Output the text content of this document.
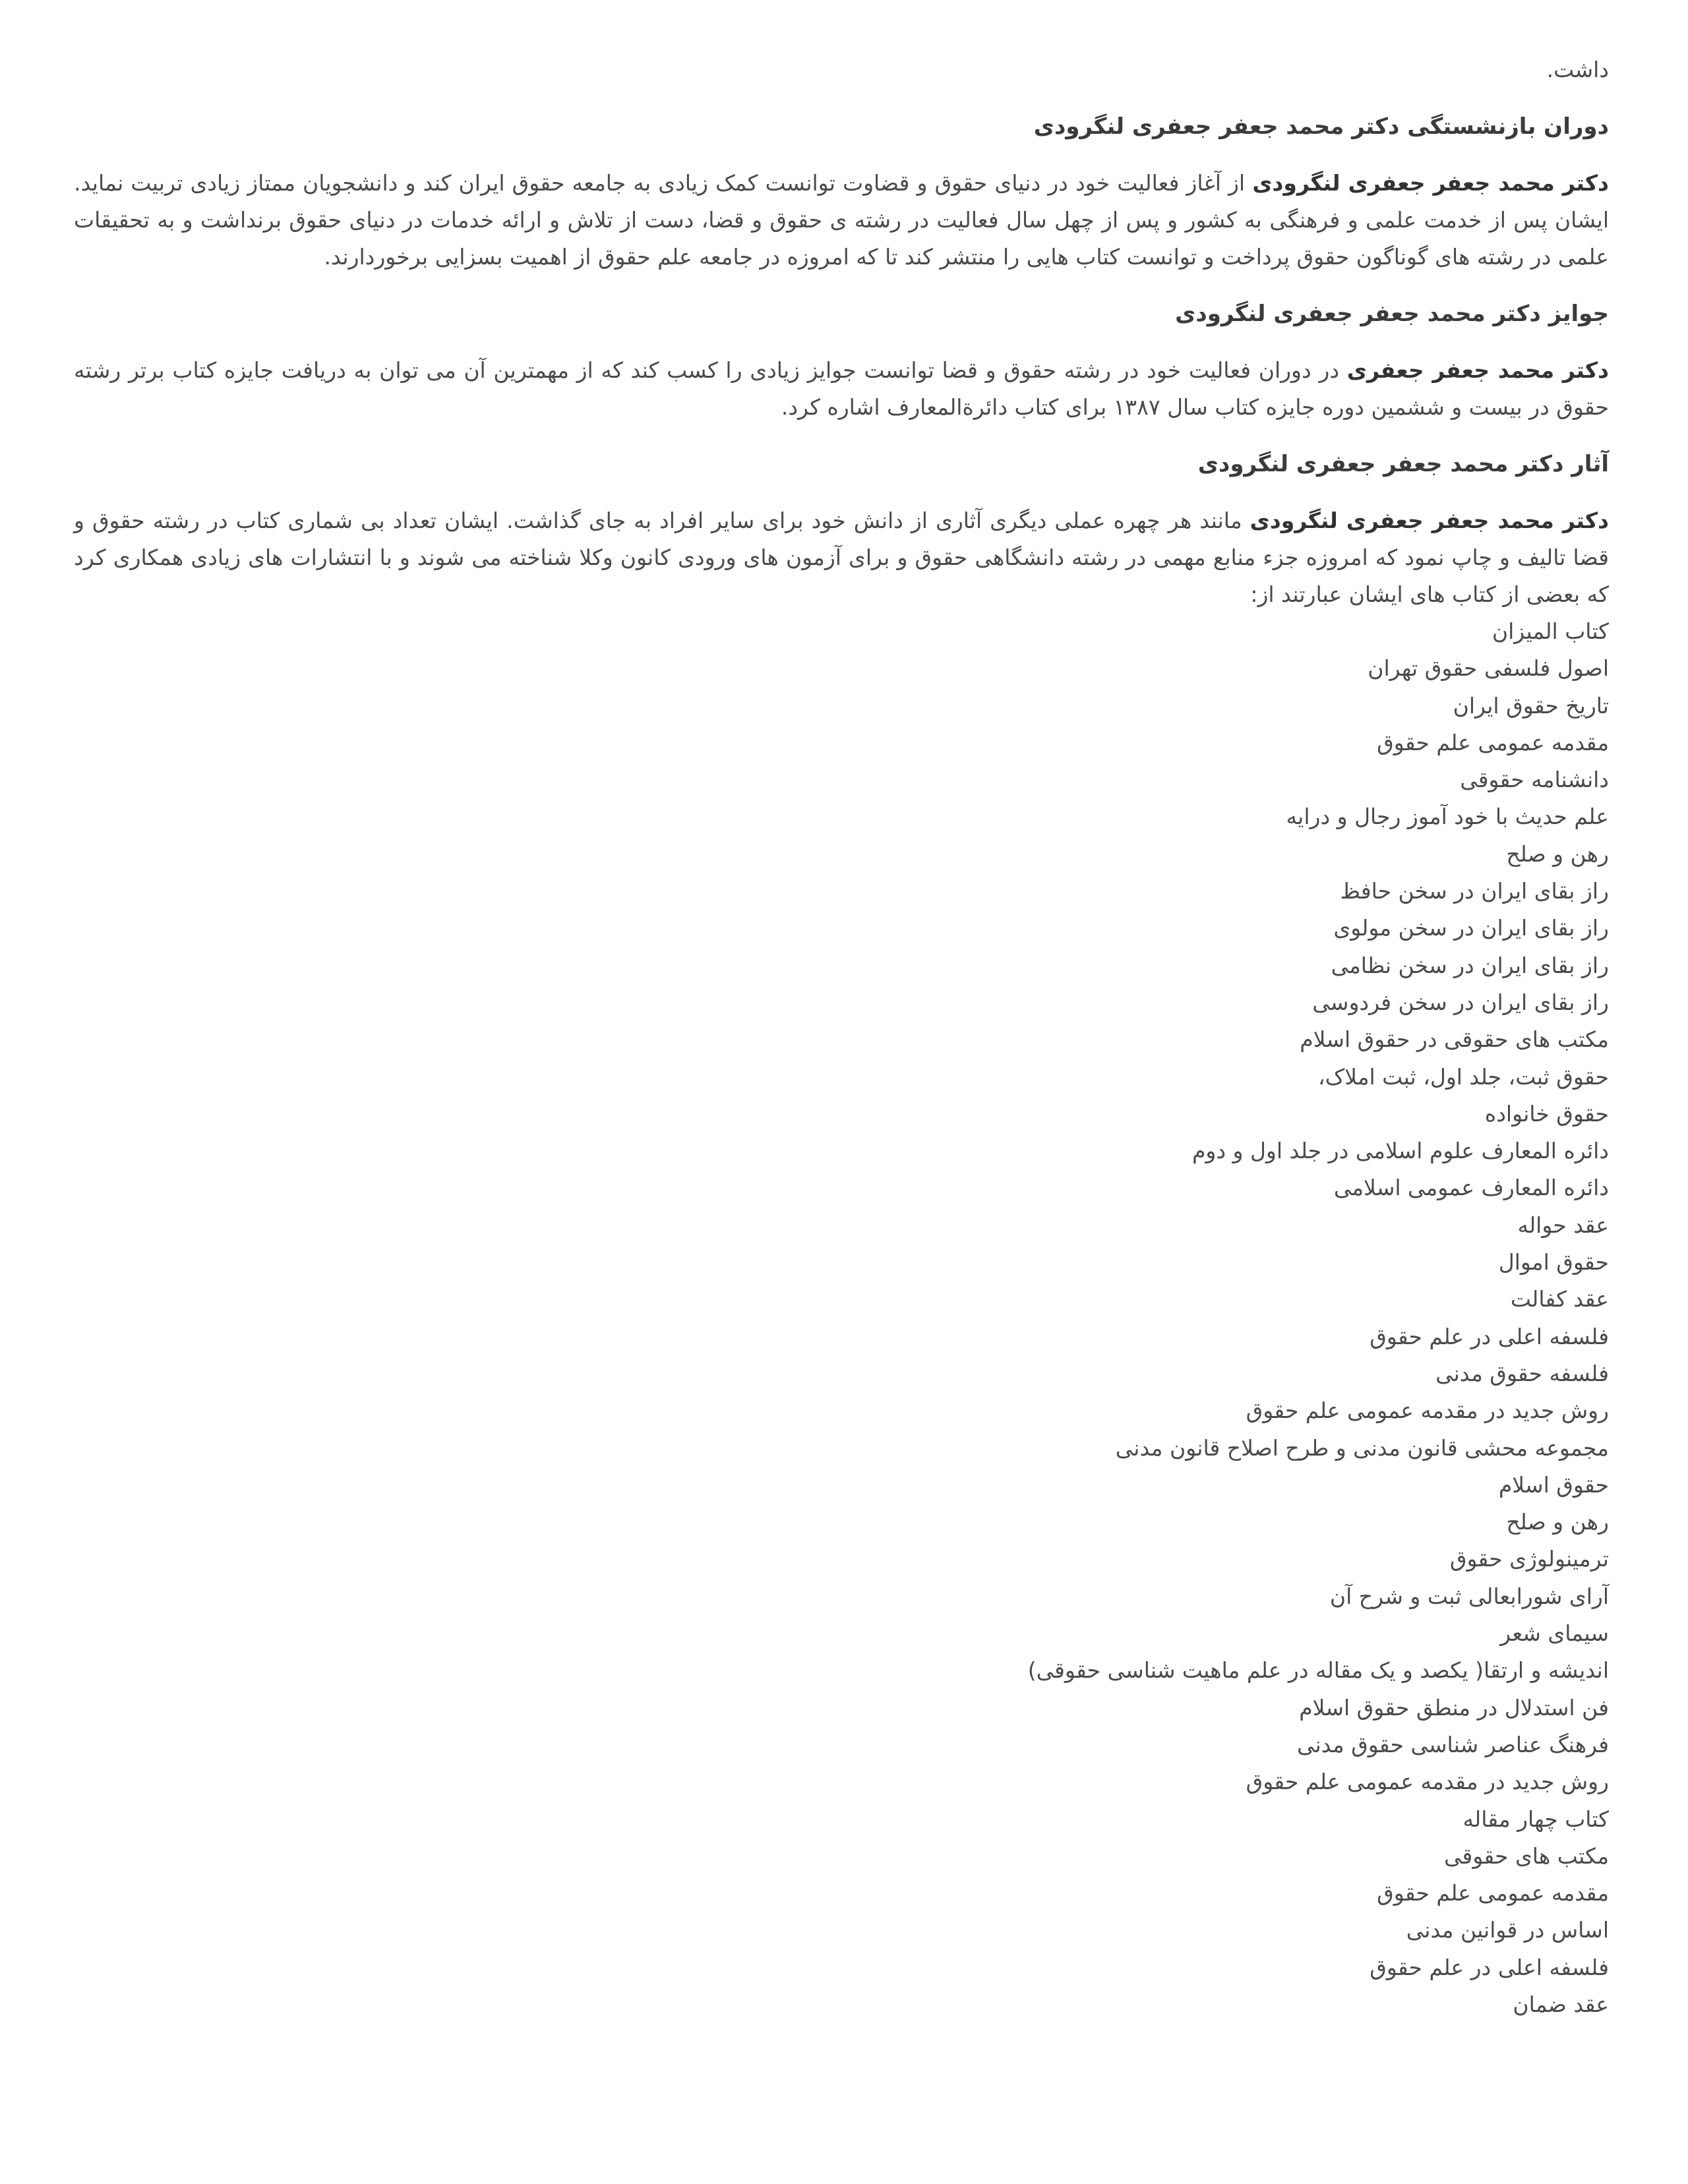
داشت.

دوران بازنشستگی دکتر محمد جعفر جعفری لنگرودی

دکتر محمد جعفر جعفری لنگرودی از آغاز فعالیت خود در دنیای حقوق و قضاوت توانست کمک زیادی به جامعه حقوق ایران کند و دانشجویان ممتاز زیادی تربیت نماید. ایشان پس از خدمت علمی و فرهنگی به کشور و پس از چهل سال فعالیت در رشته ی حقوق و قضا، دست از تلاش و ارائه خدمات در دنیای حقوق برنداشت و به تحقیقات علمی در رشته های گوناگون حقوق پرداخت و توانست کتاب هایی را منتشر کند تا که امروزه در جامعه علم حقوق از اهمیت بسزایی برخوردارند.

جوایز دکتر محمد جعفر جعفری لنگرودی

دکتر محمد جعفر جعفری در دوران فعالیت خود در رشته حقوق و قضا توانست جوایز زیادی را کسب کند که از مهمترین آن می توان به دریافت جایزه کتاب برتر رشته حقوق در بیست و ششمین دوره جایزه کتاب سال ۱۳۸۷ برای کتاب دائرةالمعارف اشاره کرد.

آثار دکتر محمد جعفر جعفری لنگرودی

دکتر محمد جعفر جعفری لنگرودی مانند هر چهره عملی دیگری آثاری از دانش خود برای سایر افراد به جای گذاشت. ایشان تعداد بی شماری کتاب در رشته حقوق و قضا تالیف و چاپ نمود که امروزه جزء منابع مهمی در رشته دانشگاهی حقوق و برای آزمون های ورودی کانون وکلا شناخته می شوند و با انتشارات های زیادی همکاری کرد که بعضی از کتاب های ایشان عبارتند از:

کتاب المیزان
اصول فلسفی حقوق تهران
تاریخ حقوق ایران
مقدمه عمومی علم حقوق
دانشنامه حقوقی
علم حدیث با خود آموز رجال و درایه
رهن و صلح
راز بقای ایران در سخن حافظ
راز بقای ایران در سخن مولوی
راز بقای ایران در سخن نظامی
راز بقای ایران در سخن فردوسی
مکتب های حقوقی در حقوق اسلام
حقوق ثبت، جلد اول، ثبت املاک،
حقوق خانواده
دائره المعارف علوم اسلامی در جلد اول و دوم
دائره المعارف عمومی اسلامی
عقد حواله
حقوق اموال
عقد کفالت
فلسفه اعلی در علم حقوق
فلسفه حقوق مدنی
روش جدید در مقدمه عمومی علم حقوق
مجموعه محشی قانون مدنی و طرح اصلاح قانون مدنی
حقوق اسلام
رهن و صلح
ترمینولوژی حقوق
آرای شورابعالی ثبت و شرح آن
سیمای شعر
اندیشه و ارتقا( یکصد و یک مقاله در علم ماهیت شناسی حقوقی)
فن استدلال در منطق حقوق اسلام
فرهنگ عناصر شناسی حقوق مدنی
روش جدید در مقدمه عمومی علم حقوق
کتاب چهار مقاله
مکتب های حقوقی
مقدمه عمومی علم حقوق
اساس در قوانین مدنی
فلسفه اعلی در علم حقوق
عقد ضمان
